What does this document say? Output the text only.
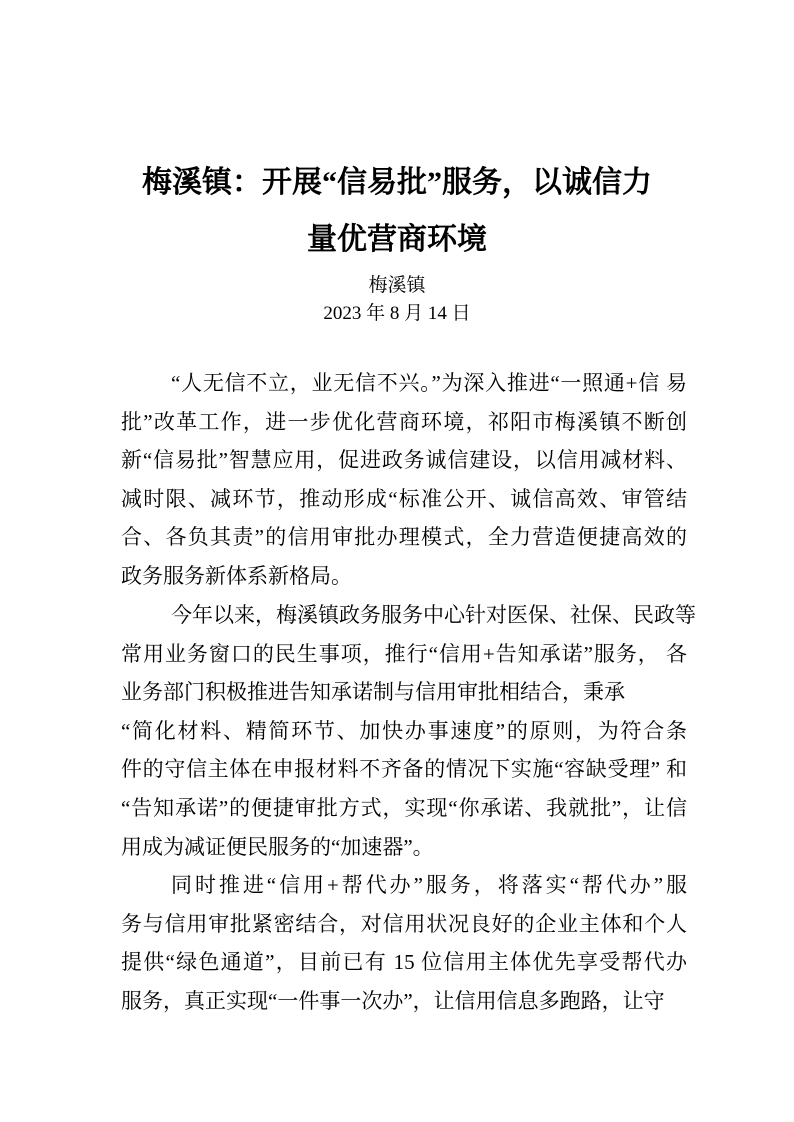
梅溪镇：开展“信易批”服务，以诚信力
量优营商环境
梅溪镇
2023 年 8 月 14 日
“人无信不立，业无信不兴。”为深入推进“一照通+信 易
批”改革工作，进一步优化营商环境，祁阳市梅溪镇不断创
新“信易批”智慧应用，促进政务诚信建设，以信用减材料、
减时限、减环节，推动形成“标准公开、诚信高效、审管结
合、各负其责”的信用审批办理模式，全力营造便捷高效的
政务服务新体系新格局。
今年以来，梅溪镇政务服务中心针对医保、社保、民政等
常用业务窗口的民生事项，推行“信用+告知承诺”服务， 各
业务部门积极推进告知承诺制与信用审批相结合，秉承
“简化材料、精简环节、加快办事速度”的原则，为符合条
件的守信主体在申报材料不齐备的情况下实施“容缺受理” 和
“告知承诺”的便捷审批方式，实现“你承诺、我就批”，让信
用成为减证便民服务的“加速器”。
同时推进“信用+帮代办”服务，将落实“帮代办”服
务与信用审批紧密结合，对信用状况良好的企业主体和个人
提供“绿色通道”，目前已有 15 位信用主体优先享受帮代办
服务，真正实现“一件事一次办”，让信用信息多跑路，让守
